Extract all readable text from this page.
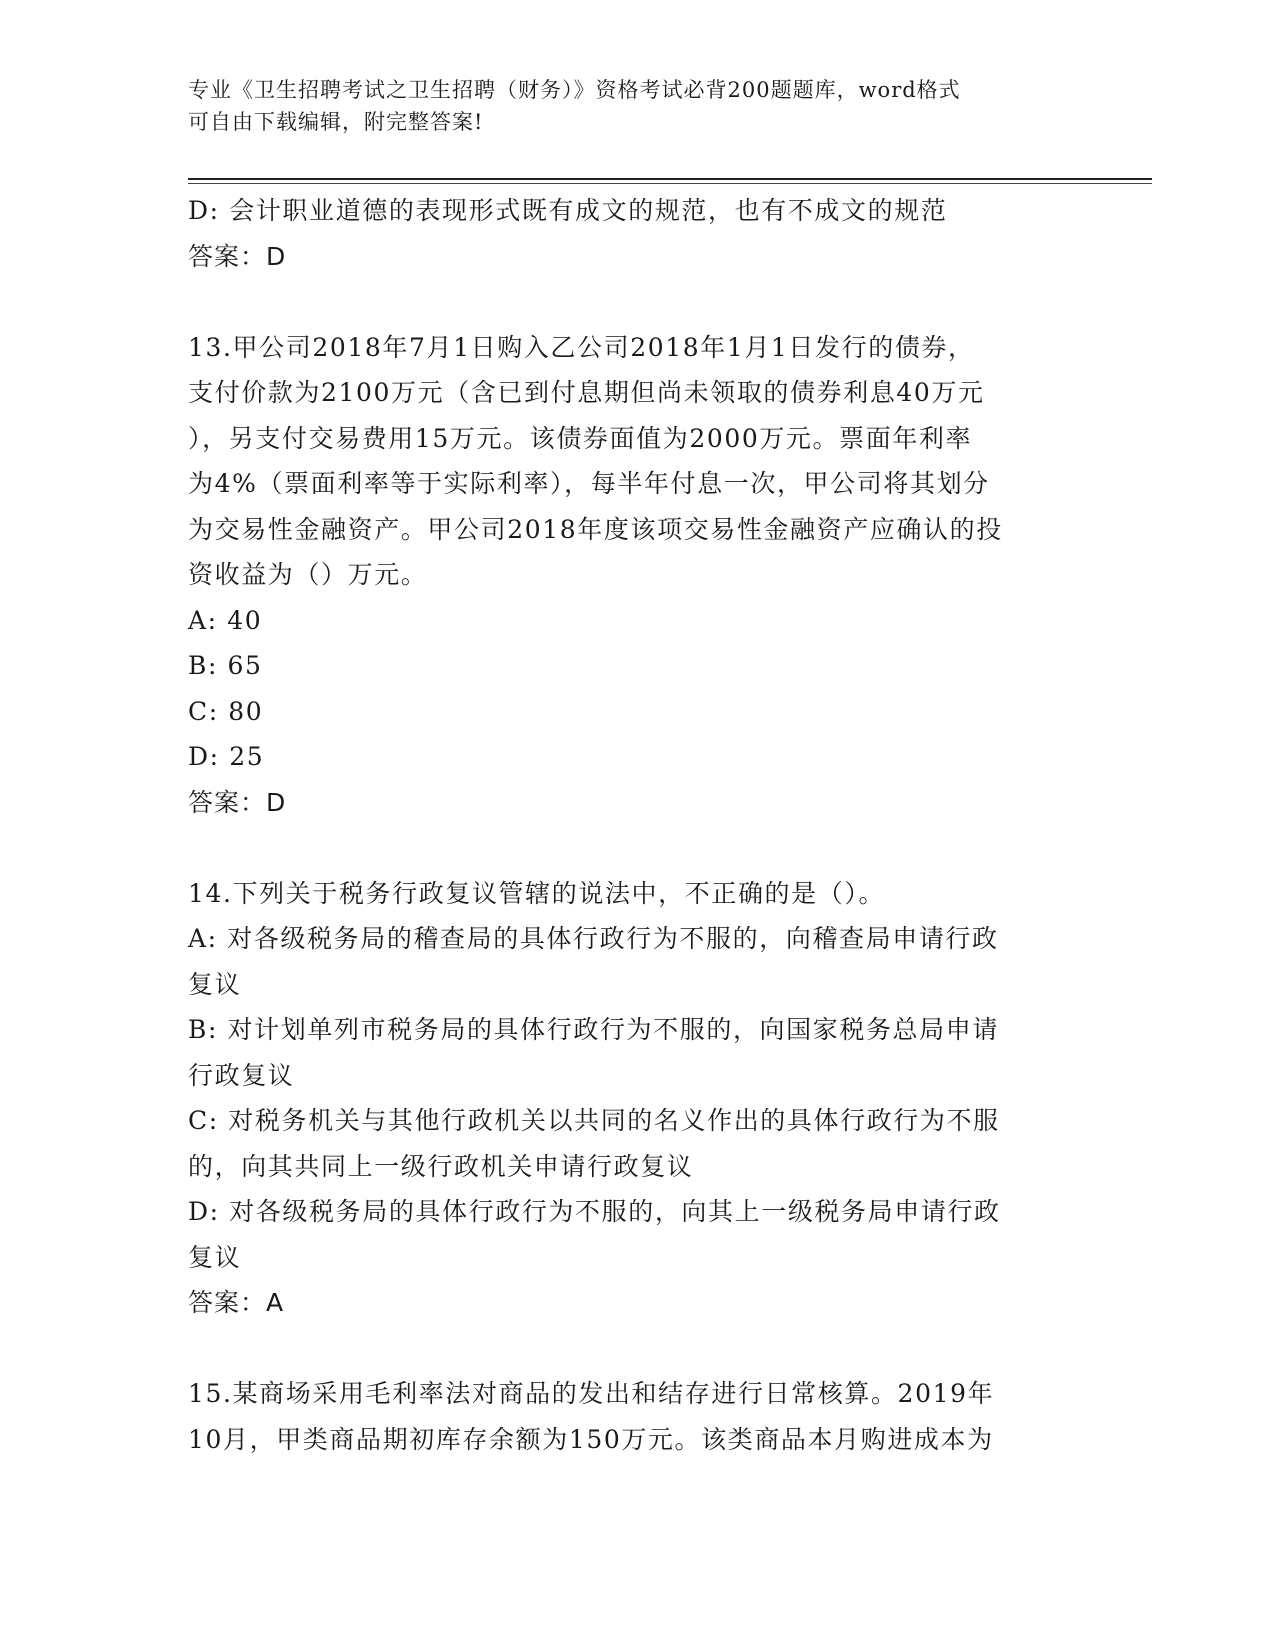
专业《卫生招聘考试之卫生招聘（财务）》资格考试必背200题题库，word格式
可自由下载编辑，附完整答案!
D: 会计职业道德的表现形式既有成文的规范，也有不成文的规范
答案：D
13.甲公司2018年7月1日购入乙公司2018年1月1日发行的债券，
支付价款为2100万元（含已到付息期但尚未领取的债券利息40万元
），另支付交易费用15万元。该债券面值为2000万元。票面年利率
为4%（票面利率等于实际利率），每半年付息一次，甲公司将其划分
为交易性金融资产。甲公司2018年度该项交易性金融资产应确认的投
资收益为（）万元。
A: 40
B: 65
C: 80
D: 25
答案：D
14.下列关于税务行政复议管辖的说法中，不正确的是（）。
A: 对各级税务局的稽查局的具体行政行为不服的，向稽查局申请行政
复议
B: 对计划单列市税务局的具体行政行为不服的，向国家税务总局申请
行政复议
C: 对税务机关与其他行政机关以共同的名义作出的具体行政行为不服
的，向其共同上一级行政机关申请行政复议
D: 对各级税务局的具体行政行为不服的，向其上一级税务局申请行政
复议
答案：A
15.某商场采用毛利率法对商品的发出和结存进行日常核算。2019年
10月，甲类商品期初库存余额为150万元。该类商品本月购进成本为
